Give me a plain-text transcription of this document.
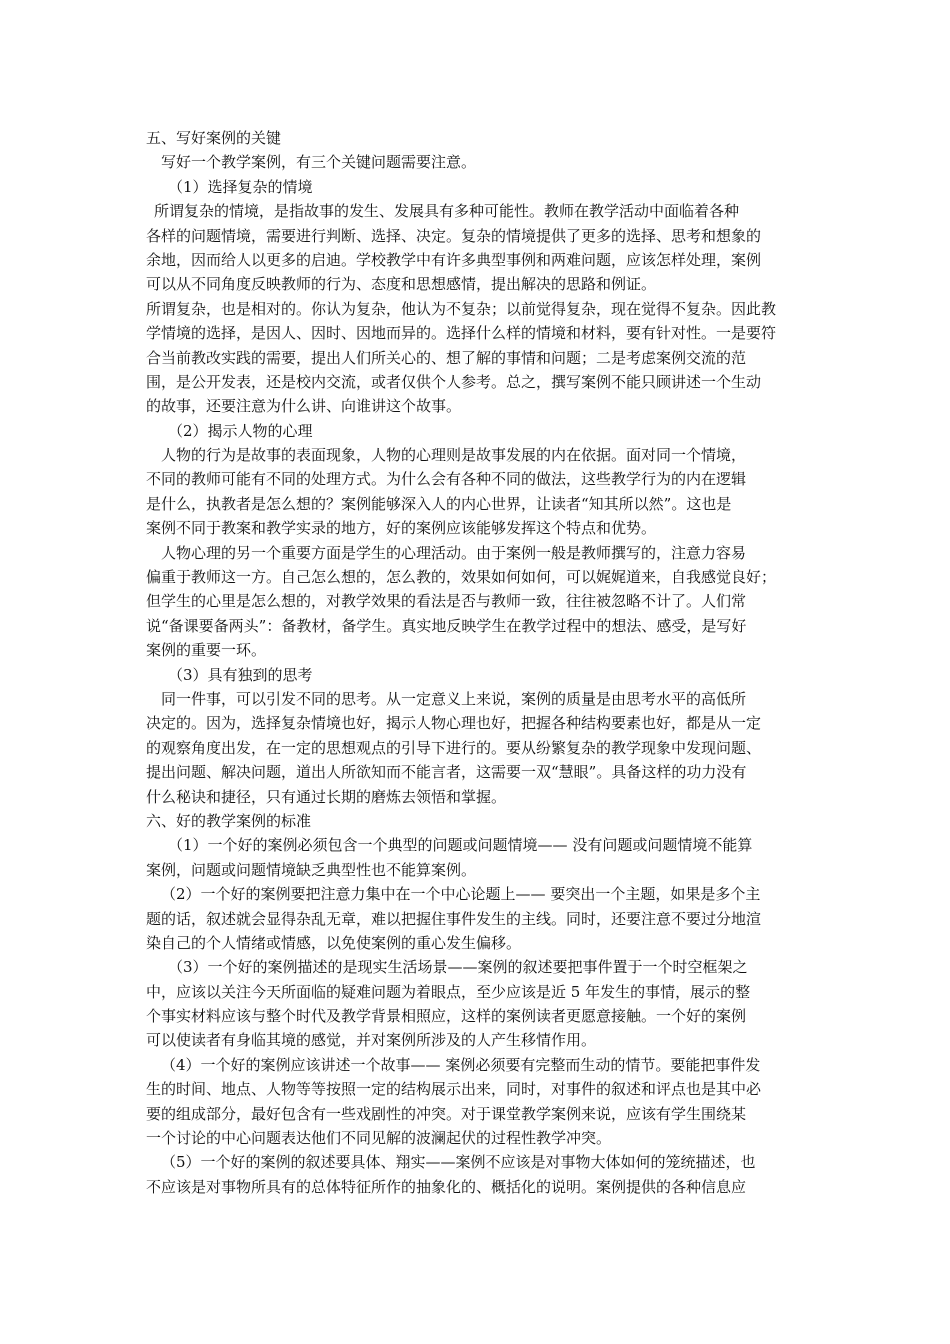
五、写好案例的关键
写好一个教学案例，有三个关键问题需要注意。
（1）选择复杂的情境
所谓复杂的情境，是指故事的发生、发展具有多种可能性。教师在教学活动中面临着各种
各样的问题情境，需要进行判断、选择、决定。复杂的情境提供了更多的选择、思考和想象的
余地，因而给人以更多的启迪。学校教学中有许多典型事例和两难问题，应该怎样处理，案例
可以从不同角度反映教师的行为、态度和思想感情，提出解决的思路和例证。
所谓复杂，也是相对的。你认为复杂，他认为不复杂；以前觉得复杂，现在觉得不复杂。因此教
学情境的选择，是因人、因时、因地而异的。选择什么样的情境和材料，要有针对性。一是要符
合当前教改实践的需要，提出人们所关心的、想了解的事情和问题；二是考虑案例交流的范
围，是公开发表，还是校内交流，或者仅供个人参考。总之，撰写案例不能只顾讲述一个生动
的故事，还要注意为什么讲、向谁讲这个故事。
（2）揭示人物的心理
人物的行为是故事的表面现象，人物的心理则是故事发展的内在依据。面对同一个情境，
不同的教师可能有不同的处理方式。为什么会有各种不同的做法，这些教学行为的内在逻辑
是什么，执教者是怎么想的？案例能够深入人的内心世界，让读者“知其所以然”。这也是
案例不同于教案和教学实录的地方，好的案例应该能够发挥这个特点和优势。
人物心理的另一个重要方面是学生的心理活动。由于案例一般是教师撰写的，注意力容易
偏重于教师这一方。自己怎么想的，怎么教的，效果如何如何，可以娓娓道来，自我感觉良好；
但学生的心里是怎么想的，对教学效果的看法是否与教师一致，往往被忽略不计了。人们常
说“备课要备两头”：备教材，备学生。真实地反映学生在教学过程中的想法、感受，是写好
案例的重要一环。
（3）具有独到的思考
同一件事，可以引发不同的思考。从一定意义上来说，案例的质量是由思考水平的高低所
决定的。因为，选择复杂情境也好，揭示人物心理也好，把握各种结构要素也好，都是从一定
的观察角度出发，在一定的思想观点的引导下进行的。要从纷繁复杂的教学现象中发现问题、
提出问题、解决问题，道出人所欲知而不能言者，这需要一双“慧眼”。具备这样的功力没有
什么秘诀和捷径，只有通过长期的磨炼去领悟和掌握。
六、好的教学案例的标准
（1）一个好的案例必须包含一个典型的问题或问题情境—— 没有问题或问题情境不能算
案例，问题或问题情境缺乏典型性也不能算案例。
（2）一个好的案例要把注意力集中在一个中心论题上—— 要突出一个主题，如果是多个主
题的话，叙述就会显得杂乱无章，难以把握住事件发生的主线。同时，还要注意不要过分地渲
染自己的个人情绪或情感，以免使案例的重心发生偏移。
（3）一个好的案例描述的是现实生活场景——案例的叙述要把事件置于一个时空框架之
中，应该以关注今天所面临的疑难问题为着眼点，至少应该是近 5 年发生的事情，展示的整
个事实材料应该与整个时代及教学背景相照应，这样的案例读者更愿意接触。一个好的案例
可以使读者有身临其境的感觉，并对案例所涉及的人产生移情作用。
（4）一个好的案例应该讲述一个故事—— 案例必须要有完整而生动的情节。要能把事件发
生的时间、地点、人物等等按照一定的结构展示出来，同时，对事件的叙述和评点也是其中必
要的组成部分，最好包含有一些戏剧性的冲突。对于课堂教学案例来说，应该有学生围绕某
一个讨论的中心问题表达他们不同见解的波澜起伏的过程性教学冲突。
（5）一个好的案例的叙述要具体、翔实——案例不应该是对事物大体如何的笼统描述，也
不应该是对事物所具有的总体特征所作的抽象化的、概括化的说明。案例提供的各种信息应
